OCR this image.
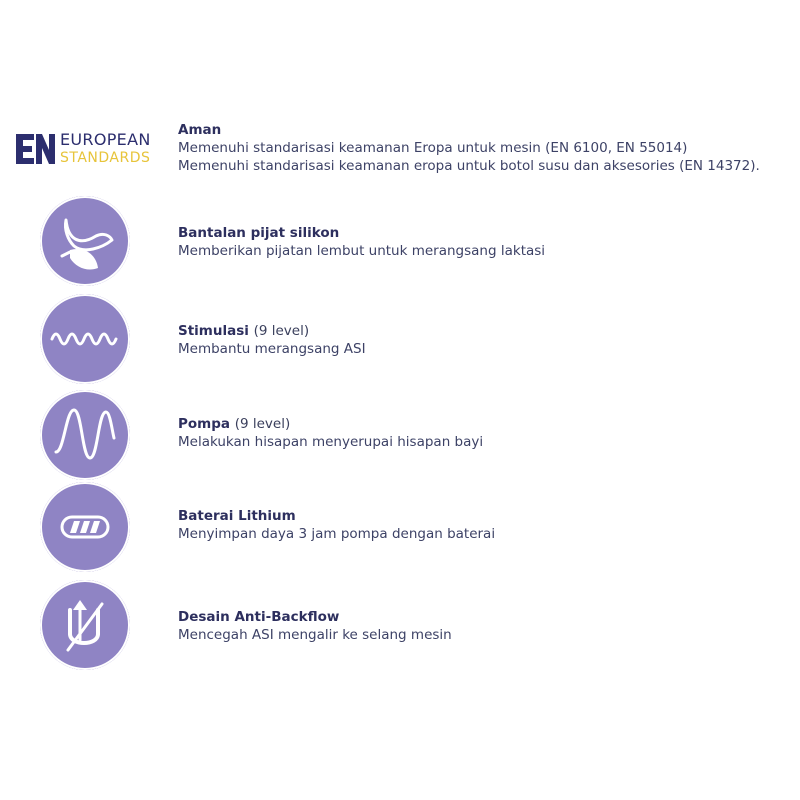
EUROPEAN
STANDARDS
Aman
Memenuhi standarisasi keamanan Eropa untuk mesin (EN 6100, EN 55014)
Memenuhi standarisasi keamanan eropa untuk botol susu dan aksesories (EN 14372).
Bantalan pijat silikon
Memberikan pijatan lembut untuk merangsang laktasi
Stimulasi (9 level)
Membantu merangsang ASI
Pompa (9 level)
Melakukan hisapan menyerupai hisapan bayi
Baterai Lithium
Menyimpan daya 3 jam pompa dengan baterai
Desain Anti-Backflow
Mencegah ASI mengalir ke selang mesin
